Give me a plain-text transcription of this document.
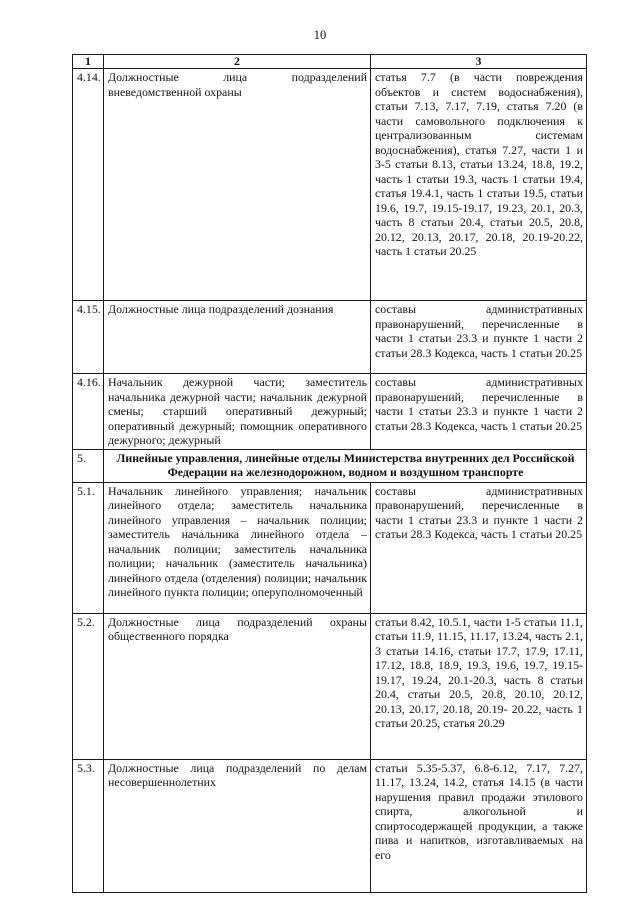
10
1	2	3
4.14.	Должностные лица подразделений вневедомственной охраны	статья 7.7 (в части повреждения объектов и систем водоснабжения), статьи 7.13, 7.17, 7.19, статья 7.20 (в части самовольного подключения к централизованным системам водоснабжения), статья 7.27, части 1 и 3-5 статьи 8.13, статьи 13.24, 18.8, 19.2, часть 1 статьи 19.3, часть 1 статьи 19.4, статья 19.4.1, часть 1 статьи 19.5, статьи 19.6, 19.7, 19.15-19.17, 19.23, 20.1, 20.3, часть 8 статьи 20.4, статьи 20.5, 20.8, 20.12, 20.13, 20.17, 20.18, 20.19-20.22, часть 1 статьи 20.25
4.15.	Должностные лица подразделений дознания	составы административных правонарушений, перечисленные в части 1 статьи 23.3 и пункте 1 части 2 статьи 28.3 Кодекса, часть 1 статьи 20.25
4.16.	Начальник дежурной части; заместитель начальника дежурной части; начальник дежурной смены; старший оперативный дежурный; оперативный дежурный; помощник оперативного дежурного; дежурный	составы административных правонарушений, перечисленные в части 1 статьи 23.3 и пункте 1 части 2 статьи 28.3 Кодекса, часть 1 статьи 20.25
5.	Линейные управления, линейные отделы Министерства внутренних дел Российской Федерации на железнодорожном, водном и воздушном транспорте	
5.1.	Начальник линейного управления; начальник линейного отдела; заместитель начальника линейного управления – начальник полиции; заместитель начальника линейного отдела – начальник полиции; заместитель начальника полиции; начальник (заместитель начальника) линейного отдела (отделения) полиции; начальник линейного пункта полиции; оперуполномоченный	составы административных правонарушений, перечисленные в части 1 статьи 23.3 и пункте 1 части 2 статьи 28.3 Кодекса, часть 1 статьи 20.25
5.2.	Должностные лица подразделений охраны общественного порядка	статьи 8.42, 10.5.1, части 1-5 статьи 11.1, статьи 11.9, 11.15, 11.17, 13.24, часть 2.1, 3 статьи 14.16, статьи 17.7, 17.9, 17.11, 17.12, 18.8, 18.9, 19.3, 19.6, 19.7, 19.15-19.17, 19.24, 20.1-20.3, часть 8 статьи 20.4, статьи 20.5, 20.8, 20.10, 20.12, 20.13, 20.17, 20.18, 20.19- 20.22, часть 1 статьи 20.25, статья 20.29
5.3.	Должностные лица подразделений по делам несовершеннолетних	статьи 5.35-5.37, 6.8-6.12, 7.17, 7.27, 11.17, 13.24, 14.2, статья 14.15 (в части нарушения правил продажи этилового спирта, алкогольной и спиртосодержащей продукции, а также пива и напитков, изготавливаемых на его
